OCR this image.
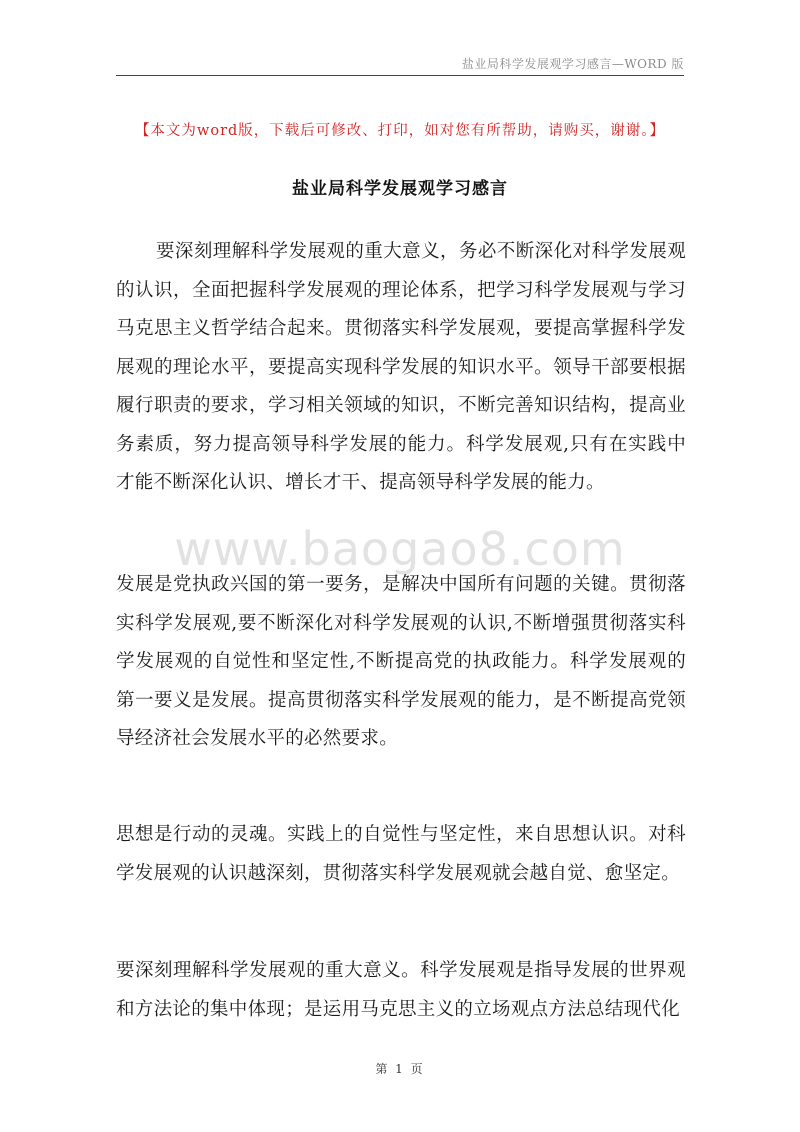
盐业局科学发展观学习感言—WORD 版
【本文为word版，下载后可修改、打印，如对您有所帮助，请购买，谢谢。】
盐业局科学发展观学习感言

要深刻理解科学发展观的重大意义，务必不断深化对科学发展观的认识，全面把握科学发展观的理论体系，把学习科学发展观与学习马克思主义哲学结合起来。贯彻落实科学发展观，要提高掌握科学发展观的理论水平，要提高实现科学发展的知识水平。领导干部要根据履行职责的要求，学习相关领域的知识，不断完善知识结构，提高业务素质，努力提高领导科学发展的能力。科学发展观,只有在实践中才能不断深化认识、增长才干、提高领导科学发展的能力。

www.baogao8.com

发展是党执政兴国的第一要务，是解决中国所有问题的关键。贯彻落实科学发展观,要不断深化对科学发展观的认识,不断增强贯彻落实科学发展观的自觉性和坚定性,不断提高党的执政能力。科学发展观的第一要义是发展。提高贯彻落实科学发展观的能力，是不断提高党领导经济社会发展水平的必然要求。

思想是行动的灵魂。实践上的自觉性与坚定性，来自思想认识。对科学发展观的认识越深刻，贯彻落实科学发展观就会越自觉、愈坚定。

要深刻理解科学发展观的重大意义。科学发展观是指导发展的世界观和方法论的集中体现；是运用马克思主义的立场观点方法总结现代化

第 1 页
